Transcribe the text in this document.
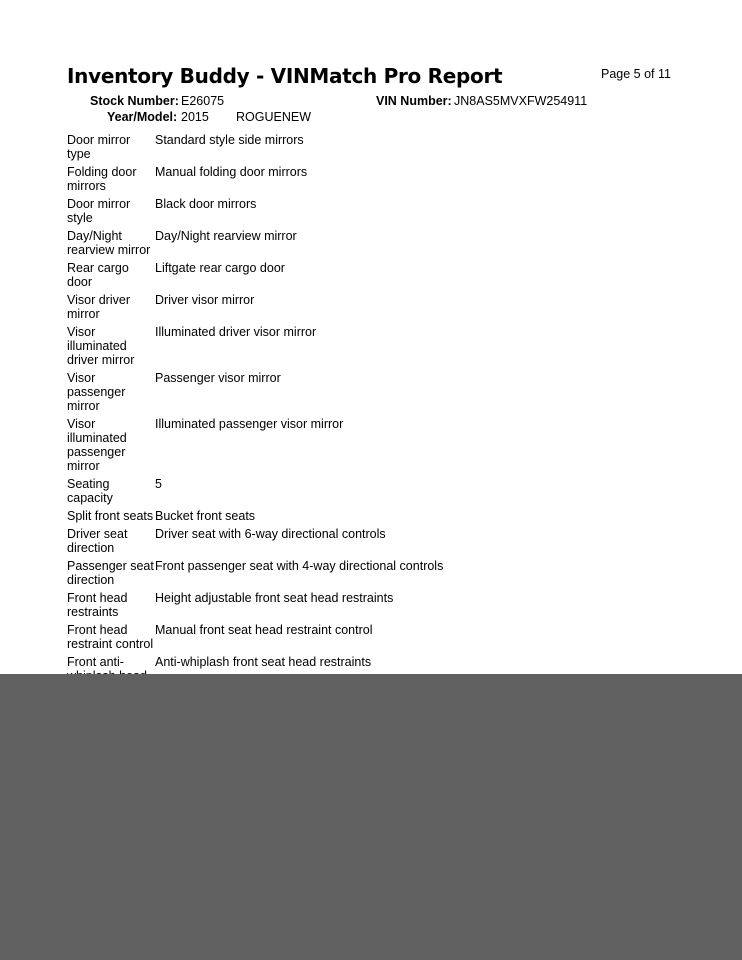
Inventory Buddy - VINMatch Pro Report	Page 5 of 11
Stock Number: E26075
Year/Model: 2015 ROGUENEW
VIN Number: JN8AS5MVXFW254911
Door mirror type
Standard style side mirrors
Folding door mirrors
Manual folding door mirrors
Door mirror style
Black door mirrors
Day/Night rearview mirror
Day/Night rearview mirror
Rear cargo door
Liftgate rear cargo door
Visor driver mirror
Driver visor mirror
Visor illuminated driver mirror
Illuminated driver visor mirror
Visor passenger mirror
Passenger visor mirror
Visor illuminated passenger mirror
Illuminated passenger visor mirror
Seating capacity
5
Split front seats Bucket front seats
Driver seat direction
Driver seat with 6-way directional controls
Passenger seat direction
Front passenger seat with 4-way directional controls
Front head restraints
Height adjustable front seat head restraints
Front head restraint control
Manual front seat head restraint control
Front anti-	Anti-whiplash front seat head restraints
